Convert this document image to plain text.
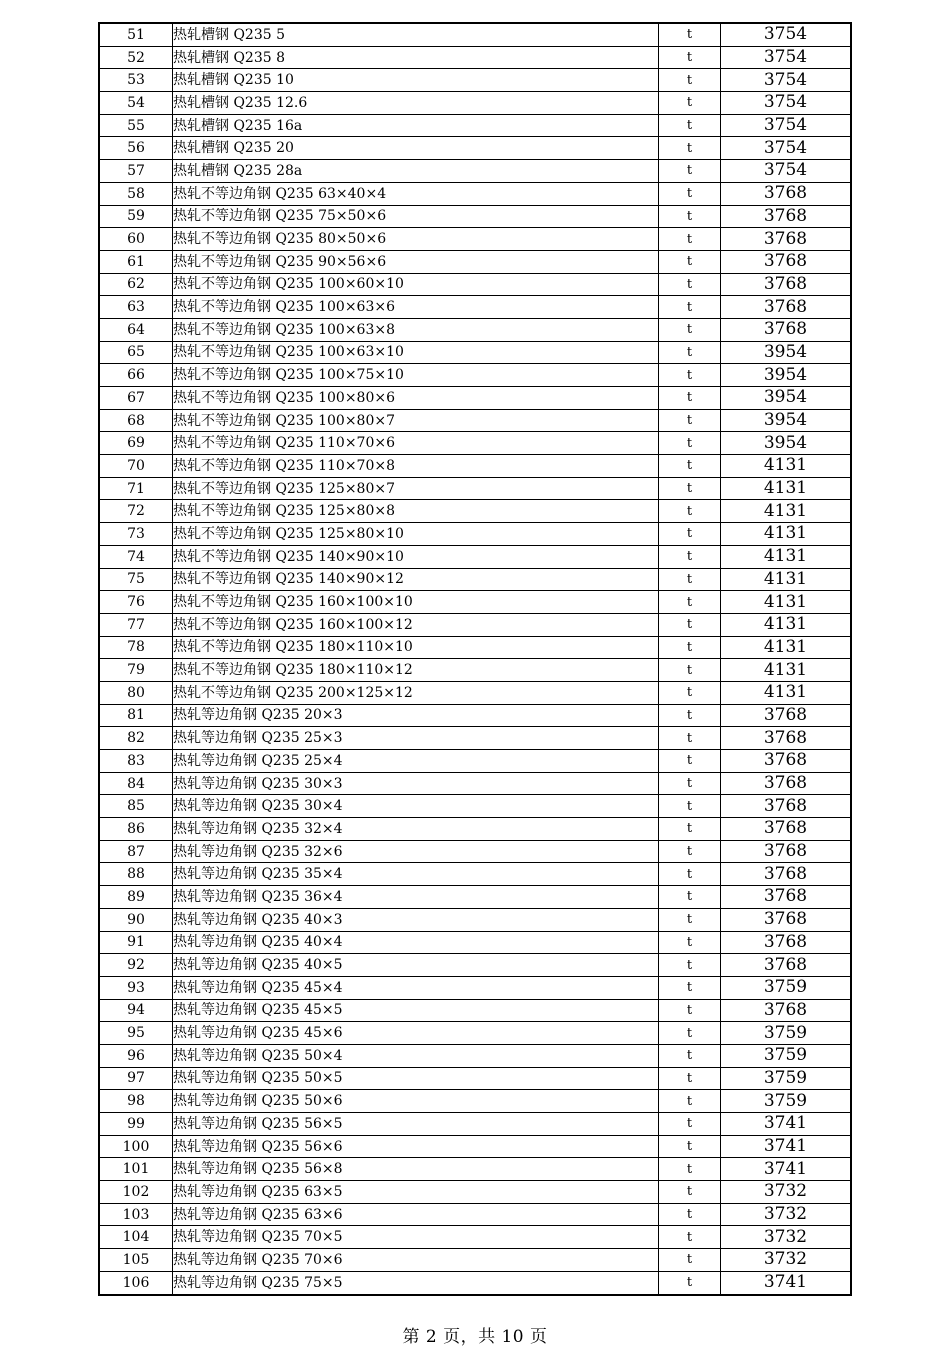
51	热轧槽钢 Q235 5	t	3754
52	热轧槽钢 Q235 8	t	3754
53	热轧槽钢 Q235 10	t	3754
54	热轧槽钢 Q235 12.6	t	3754
55	热轧槽钢 Q235 16a	t	3754
56	热轧槽钢 Q235 20	t	3754
57	热轧槽钢 Q235 28a	t	3754
58	热轧不等边角钢 Q235 63×40×4	t	3768
59	热轧不等边角钢 Q235 75×50×6	t	3768
60	热轧不等边角钢 Q235 80×50×6	t	3768
61	热轧不等边角钢 Q235 90×56×6	t	3768
62	热轧不等边角钢 Q235 100×60×10	t	3768
63	热轧不等边角钢 Q235 100×63×6	t	3768
64	热轧不等边角钢 Q235 100×63×8	t	3768
65	热轧不等边角钢 Q235 100×63×10	t	3954
66	热轧不等边角钢 Q235 100×75×10	t	3954
67	热轧不等边角钢 Q235 100×80×6	t	3954
68	热轧不等边角钢 Q235 100×80×7	t	3954
69	热轧不等边角钢 Q235 110×70×6	t	3954
70	热轧不等边角钢 Q235 110×70×8	t	4131
71	热轧不等边角钢 Q235 125×80×7	t	4131
72	热轧不等边角钢 Q235 125×80×8	t	4131
73	热轧不等边角钢 Q235 125×80×10	t	4131
74	热轧不等边角钢 Q235 140×90×10	t	4131
75	热轧不等边角钢 Q235 140×90×12	t	4131
76	热轧不等边角钢 Q235 160×100×10	t	4131
77	热轧不等边角钢 Q235 160×100×12	t	4131
78	热轧不等边角钢 Q235 180×110×10	t	4131
79	热轧不等边角钢 Q235 180×110×12	t	4131
80	热轧不等边角钢 Q235 200×125×12	t	4131
81	热轧等边角钢 Q235 20×3	t	3768
82	热轧等边角钢 Q235 25×3	t	3768
83	热轧等边角钢 Q235 25×4	t	3768
84	热轧等边角钢 Q235 30×3	t	3768
85	热轧等边角钢 Q235 30×4	t	3768
86	热轧等边角钢 Q235 32×4	t	3768
87	热轧等边角钢 Q235 32×6	t	3768
88	热轧等边角钢 Q235 35×4	t	3768
89	热轧等边角钢 Q235 36×4	t	3768
90	热轧等边角钢 Q235 40×3	t	3768
91	热轧等边角钢 Q235 40×4	t	3768
92	热轧等边角钢 Q235 40×5	t	3768
93	热轧等边角钢 Q235 45×4	t	3759
94	热轧等边角钢 Q235 45×5	t	3768
95	热轧等边角钢 Q235 45×6	t	3759
96	热轧等边角钢 Q235 50×4	t	3759
97	热轧等边角钢 Q235 50×5	t	3759
98	热轧等边角钢 Q235 50×6	t	3759
99	热轧等边角钢 Q235 56×5	t	3741
100	热轧等边角钢 Q235 56×6	t	3741
101	热轧等边角钢 Q235 56×8	t	3741
102	热轧等边角钢 Q235 63×5	t	3732
103	热轧等边角钢 Q235 63×6	t	3732
104	热轧等边角钢 Q235 70×5	t	3732
105	热轧等边角钢 Q235 70×6	t	3732
106	热轧等边角钢 Q235 75×5	t	3741
第 2 页，共 10 页
